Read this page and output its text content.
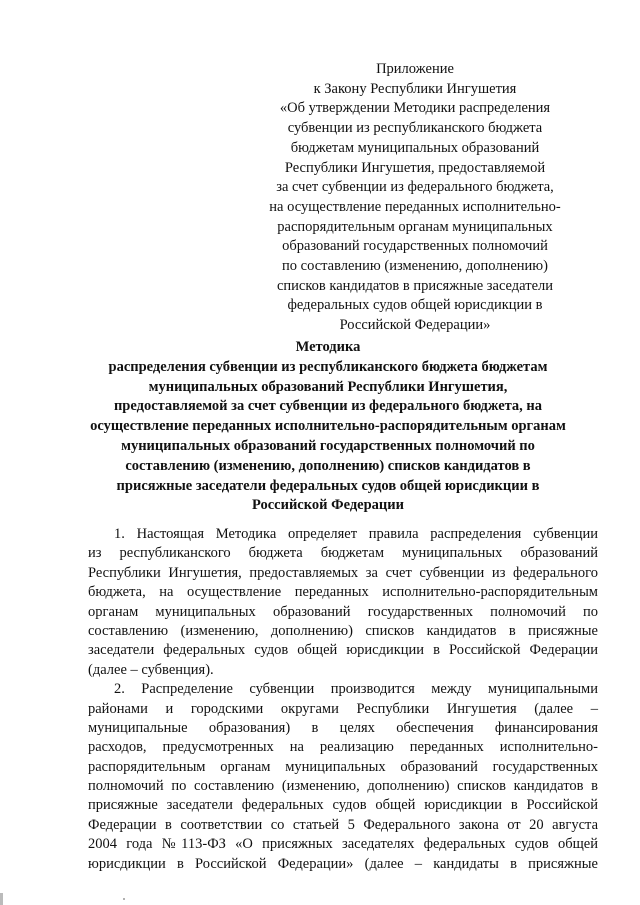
Приложение
к Закону Республики Ингушетия
«Об утверждении Методики распределения
субвенции из республиканского бюджета
бюджетам муниципальных образований
Республики Ингушетия, предоставляемой
за счет субвенции из федерального бюджета,
на осуществление переданных исполнительно-
распорядительным органам муниципальных
образований государственных полномочий
по составлению (изменению, дополнению)
списков кандидатов в присяжные заседатели
федеральных судов общей юрисдикции в
Российской Федерации»
Методика
распределения субвенции из республиканского бюджета бюджетам
муниципальных образований Республики Ингушетия,
предоставляемой за счет субвенции из федерального бюджета, на
осуществление переданных исполнительно-распорядительным органам
муниципальных образований государственных полномочий по
составлению (изменению, дополнению) списков кандидатов в
присяжные заседатели федеральных судов общей юрисдикции в
Российской Федерации
1. Настоящая Методика определяет правила распределения субвенции
из республиканского бюджета бюджетам муниципальных образований
Республики Ингушетия, предоставляемых за счет субвенции из федерального
бюджета, на осуществление переданных исполнительно-распорядительным
органам муниципальных образований государственных полномочий по
составлению (изменению, дополнению) списков кандидатов в присяжные
заседатели федеральных судов общей юрисдикции в Российской Федерации
(далее – субвенция).
2. Распределение субвенции производится между муниципальными
районами и городскими округами Республики Ингушетия (далее –
муниципальные образования) в целях обеспечения финансирования
расходов, предусмотренных на реализацию переданных исполнительно-
распорядительным органам муниципальных образований государственных
полномочий по составлению (изменению, дополнению) списков кандидатов в
присяжные заседатели федеральных судов общей юрисдикции в Российской
Федерации в соответствии со статьей 5 Федерального закона от 20 августа
2004 года №113-ФЗ «О присяжных заседателях федеральных судов общей
юрисдикции в Российской Федерации» (далее – кандидаты в присяжные
